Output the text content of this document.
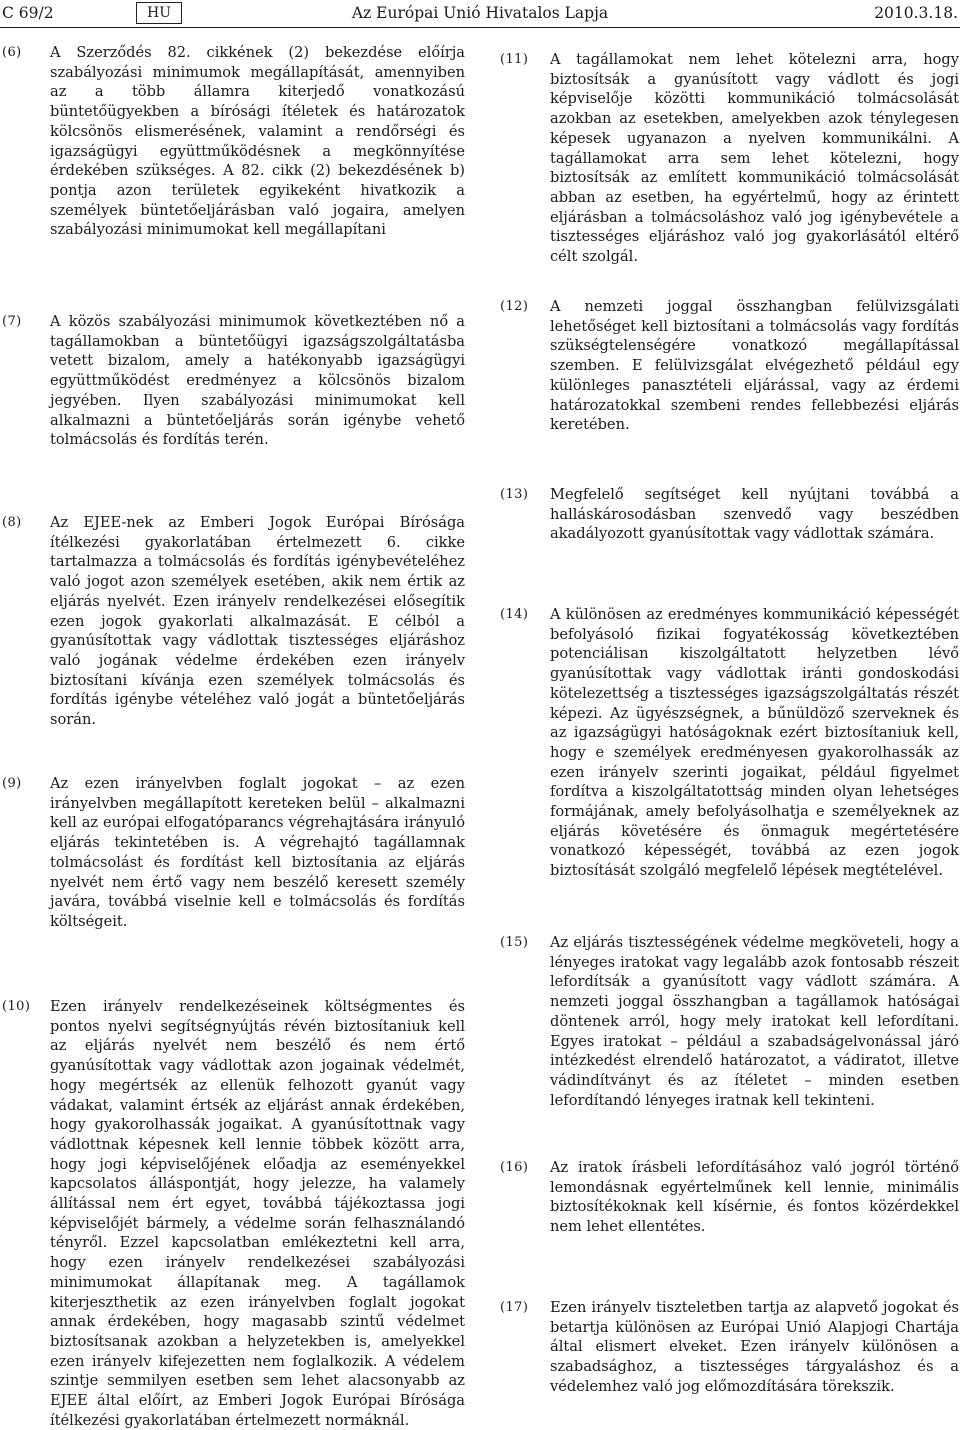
Az Európai Unió Hivatalos Lapja
C 69/2	HU	2010.3.18.
(6) A Szerződés 82. cikkének (2) bekezdése előírja szabályozási minimumok megállapítását, amennyiben az a több államra kiterjedő vonatkozású büntetőügyekben a bírósági ítéletek és határozatok kölcsönös elismerésének, valamint a rendőrségi és igazságügyi együttműködésnek a megkönnyítése érdekében szükséges. A 82. cikk (2) bekezdésének b) pontja azon területek egyikeként hivatkozik a személyek büntetőeljárásban való jogaira, amelyen szabályozási minimumokat kell megállapítani
(7) A közös szabályozási minimumok következtében nő a tagállamokban a büntetőügyi igazságszolgáltatásba vetett bizalom, amely a hatékonyabb igazságügyi együttműködést eredményez a kölcsönös bizalom jegyében. Ilyen szabályozási minimumokat kell alkalmazni a büntetőeljárás során igénybe vehető tolmácsolás és fordítás terén.
(8) Az EJEE-nek az Emberi Jogok Európai Bírósága ítélkezési gyakorlatában értelmezett 6. cikke tartalmazza a tolmácsolás és fordítás igénybevételéhez való jogot azon személyek esetében, akik nem értik az eljárás nyelvét. Ezen irányelv rendelkezései elősegítik ezen jogok gyakorlati alkalmazását. E célból a gyanúsítottak vagy vádlottak tisztességes eljáráshoz való jogának védelme érdekében ezen irányelv biztosítani kívánja ezen személyek tolmácsolás és fordítás igénybe vételéhez való jogát a büntetőeljárás során.
(9) Az ezen irányelvben foglalt jogokat – az ezen irányelvben megállapított kereteken belül – alkalmazni kell az európai elfogatóparancs végrehajtására irányuló eljárás tekintetében is. A végrehajtó tagállamnak tolmácsolást és fordítást kell biztosítania az eljárás nyelvét nem értő vagy nem beszélő keresett személy javára, továbbá viselnie kell e tolmácsolás és fordítás költségeit.
(10) Ezen irányelv rendelkezéseinek költségmentes és pontos nyelvi segítségnyújtás révén biztosítaniuk kell az eljárás nyelvét nem beszélő és nem értő gyanúsítottak vagy vádlottak azon jogainak védelmét, hogy megértsék az ellenük felhozott gyanút vagy vádakat, valamint értsék az eljárást annak érdekében, hogy gyakorolhassák jogaikat. A gyanúsítottnak vagy vádlottnak képesnek kell lennie többek között arra, hogy jogi képviselőjének előadja az eseményekkel kapcsolatos álláspontját, hogy jelezze, ha valamely állítással nem ért egyet, továbbá tájékoztassa jogi képviselőjét bármely, a védelme során felhasználandó tényről. Ezzel kapcsolatban emlékeztetni kell arra, hogy ezen irányelv rendelkezései szabályozási minimumokat állapítanak meg. A tagállamok kiterjeszthetik az ezen irányelvben foglalt jogokat annak érdekében, hogy magasabb szintű védelmet biztosítsanak azokban a helyzetekben is, amelyekkel ezen irányelv kifejezetten nem foglalkozik. A védelem szintje semmilyen esetben sem lehet alacsonyabb az EJEE által előírt, az Emberi Jogok Európai Bírósága ítélkezési gyakorlatában értelmezett normáknál.
(11) A tagállamokat nem lehet kötelezni arra, hogy biztosítsák a gyanúsított vagy vádlott és jogi képviselője közötti kommunikáció tolmácsolását azokban az esetekben, amelyekben azok ténylegesen képesek ugyanazon a nyelven kommunikálni. A tagállamokat arra sem lehet kötelezni, hogy biztosítsák az említett kommunikáció tolmácsolását abban az esetben, ha egyértelmű, hogy az érintett eljárásban a tolmácsoláshoz való jog igénybevétele a tisztességes eljáráshoz való jog gyakorlásától eltérő célt szolgál.
(12) A nemzeti joggal összhangban felülvizsgálati lehetőséget kell biztosítani a tolmácsolás vagy fordítás szükségtelenségére vonatkozó megállapítással szemben. E felülvizsgálat elvégezhető például egy különleges panasztételi eljárással, vagy az érdemi határozatokkal szembeni rendes fellebbezési eljárás keretében.
(13) Megfelelő segítséget kell nyújtani továbbá a halláskárosodásban szenvedő vagy beszédben akadályozott gyanúsítottak vagy vádlottak számára.
(14) A különösen az eredményes kommunikáció képességét befolyásoló fizikai fogyatékosság következtében potenciálisan kiszolgáltatott helyzetben lévő gyanúsítottak vagy vádlottak iránti gondoskodási kötelezettség a tisztességes igazságszolgáltatás részét képezi. Az ügyészségnek, a bűnüldöző szerveknek és az igazságügyi hatóságoknak ezért biztosítaniuk kell, hogy e személyek eredményesen gyakorolhassák az ezen irányelv szerinti jogaikat, például figyelmet fordítva a kiszolgáltatottság minden olyan lehetséges formájának, amely befolyásolhatja e személyeknek az eljárás követésére és önmaguk megértetésére vonatkozó képességét, továbbá az ezen jogok biztosítását szolgáló megfelelő lépések megtételével.
(15) Az eljárás tisztességének védelme megköveteli, hogy a lényeges iratokat vagy legalább azok fontosabb részeit lefordítsák a gyanúsított vagy vádlott számára. A nemzeti joggal összhangban a tagállamok hatóságai döntenek arról, hogy mely iratokat kell lefordítani. Egyes iratokat – például a szabadságelvonással járó intézkedést elrendelő határozatot, a vádiratot, illetve vádindítványt és az ítéletet – minden esetben lefordítandó lényeges iratnak kell tekinteni.
(16) Az iratok írásbeli lefordításához való jogról történő lemondásnak egyértelműnek kell lennie, minimális biztosítékoknak kell kísérnie, és fontos közérdekkel nem lehet ellentétes.
(17) Ezen irányelv tiszteletben tartja az alapvető jogokat és betartja különösen az Európai Unió Alapjogi Chartája által elismert elveket. Ezen irányelv különösen a szabadsághoz, a tisztességes tárgyaláshoz és a védelemhez való jog előmozdítására törekszik.
